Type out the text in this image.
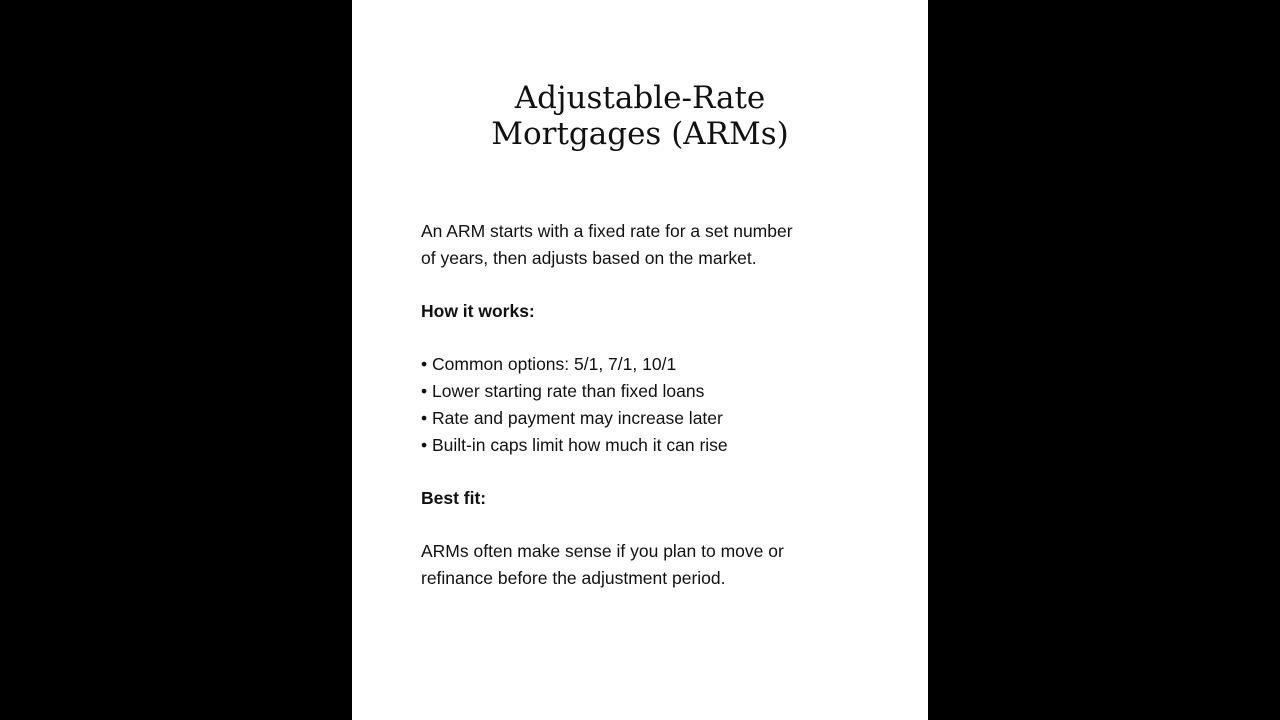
Adjustable-Rate
Mortgages (ARMs)

An ARM starts with a fixed rate for a set number
of years, then adjusts based on the market.

How it works:

• Common options: 5/1, 7/1, 10/1
• Lower starting rate than fixed loans
• Rate and payment may increase later
• Built-in caps limit how much it can rise

Best fit:

ARMs often make sense if you plan to move or
refinance before the adjustment period.
